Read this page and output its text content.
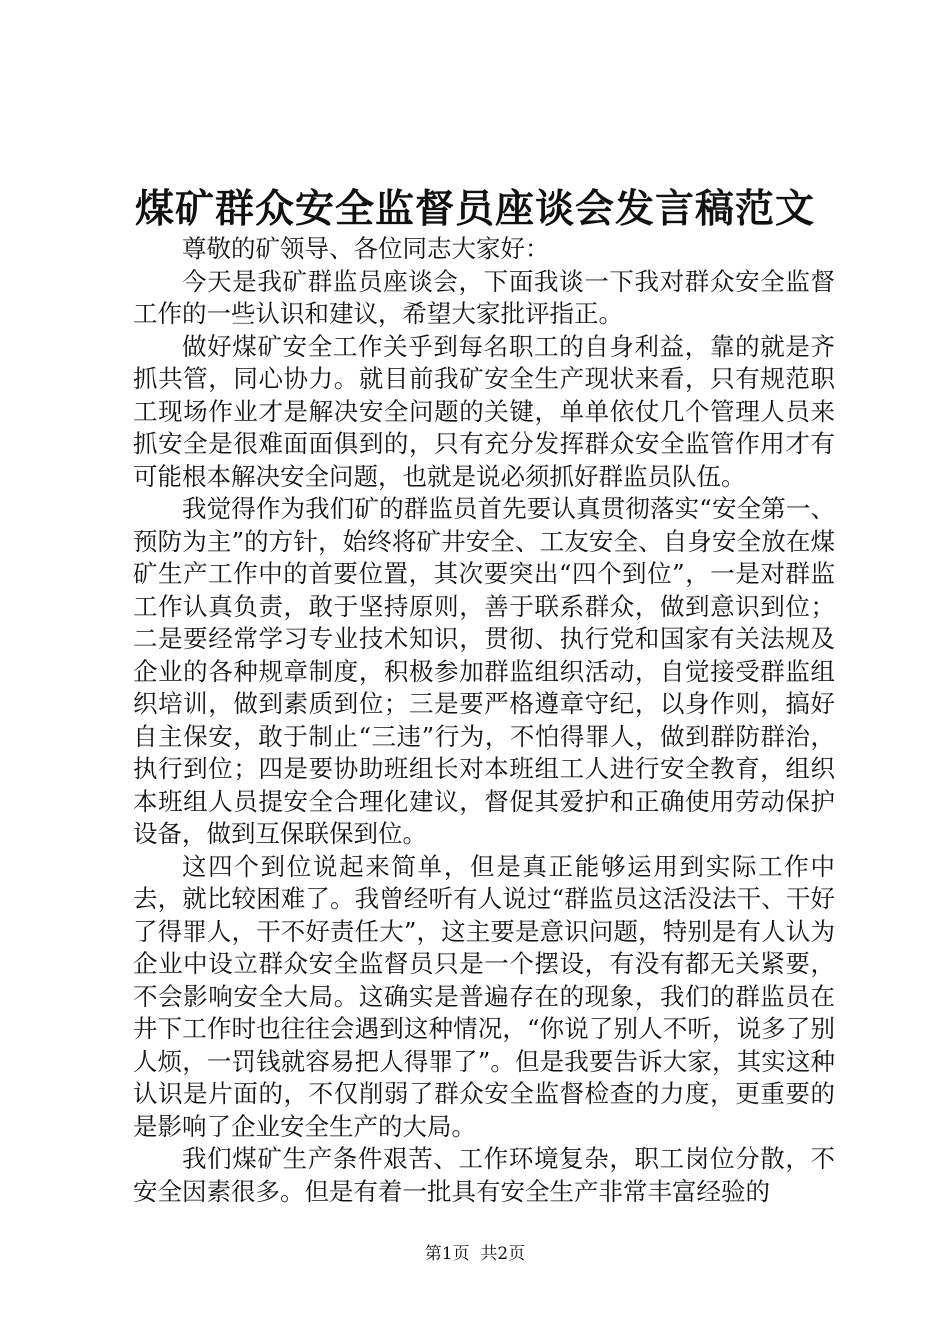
煤矿群众安全监督员座谈会发言稿范文

尊敬的矿领导、各位同志大家好：

今天是我矿群监员座谈会，下面我谈一下我对群众安全监督工作的一些认识和建议，希望大家批评指正。

做好煤矿安全工作关乎到每名职工的自身利益，靠的就是齐抓共管，同心协力。就目前我矿安全生产现状来看，只有规范职工现场作业才是解决安全问题的关键，单单依仗几个管理人员来抓安全是很难面面俱到的，只有充分发挥群众安全监管作用才有可能根本解决安全问题，也就是说必须抓好群监员队伍。

我觉得作为我们矿的群监员首先要认真贯彻落实“安全第一、预防为主”的方针，始终将矿井安全、工友安全、自身安全放在煤矿生产工作中的首要位置，其次要突出“四个到位”，一是对群监工作认真负责，敢于坚持原则，善于联系群众，做到意识到位；二是要经常学习专业技术知识，贯彻、执行党和国家有关法规及企业的各种规章制度，积极参加群监组织活动，自觉接受群监组织培训，做到素质到位；三是要严格遵章守纪，以身作则，搞好自主保安，敢于制止“三违”行为，不怕得罪人，做到群防群治，执行到位；四是要协助班组长对本班组工人进行安全教育，组织本班组人员提安全合理化建议，督促其爱护和正确使用劳动保护设备，做到互保联保到位。

这四个到位说起来简单，但是真正能够运用到实际工作中去，就比较困难了。我曾经听有人说过“群监员这活没法干、干好了得罪人，干不好责任大”，这主要是意识问题，特别是有人认为企业中设立群众安全监督员只是一个摆设，有没有都无关紧要，不会影响安全大局。这确实是普遍存在的现象，我们的群监员在井下工作时也往往会遇到这种情况，“你说了别人不听，说多了别人烦，一罚钱就容易把人得罪了”。但是我要告诉大家，其实这种认识是片面的，不仅削弱了群众安全监督检查的力度，更重要的是影响了企业安全生产的大局。

我们煤矿生产条件艰苦、工作环境复杂，职工岗位分散，不安全因素很多。但是有着一批具有安全生产非常丰富经验的

第1页  共2页
